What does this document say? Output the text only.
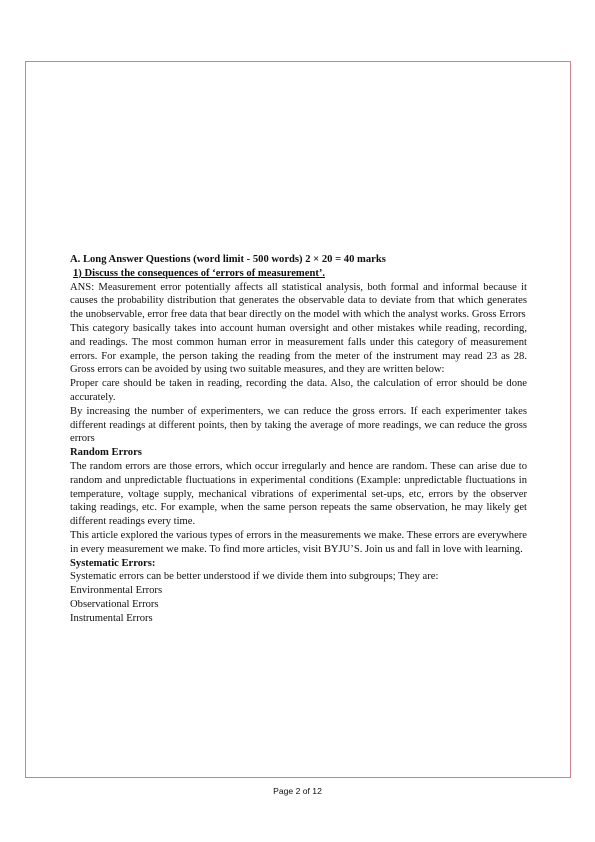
A. Long Answer Questions (word limit - 500 words) 2 × 20 = 40 marks

1) Discuss the consequences of ‘errors of measurement’.

ANS: Measurement error potentially affects all statistical analysis, both formal and informal because it causes the probability distribution that generates the observable data to deviate from that which generates the unobservable, error free data that bear directly on the model with which the analyst works. Gross Errors

This category basically takes into account human oversight and other mistakes while reading, recording, and readings. The most common human error in measurement falls under this category of measurement errors. For example, the person taking the reading from the meter of the instrument may read 23 as 28. Gross errors can be avoided by using two suitable measures, and they are written below:

Proper care should be taken in reading, recording the data. Also, the calculation of error should be done accurately.

By increasing the number of experimenters, we can reduce the gross errors. If each experimenter takes different readings at different points, then by taking the average of more readings, we can reduce the gross errors

Random Errors

The random errors are those errors, which occur irregularly and hence are random. These can arise due to random and unpredictable fluctuations in experimental conditions (Example: unpredictable fluctuations in temperature, voltage supply, mechanical vibrations of experimental set-ups, etc, errors by the observer taking readings, etc. For example, when the same person repeats the same observation, he may likely get different readings every time.

This article explored the various types of errors in the measurements we make. These errors are everywhere in every measurement we make. To find more articles, visit BYJU’S. Join us and fall in love with learning.

Systematic Errors:

Systematic errors can be better understood if we divide them into subgroups; They are:

Environmental Errors

Observational Errors

Instrumental Errors

Page 2 of 12
